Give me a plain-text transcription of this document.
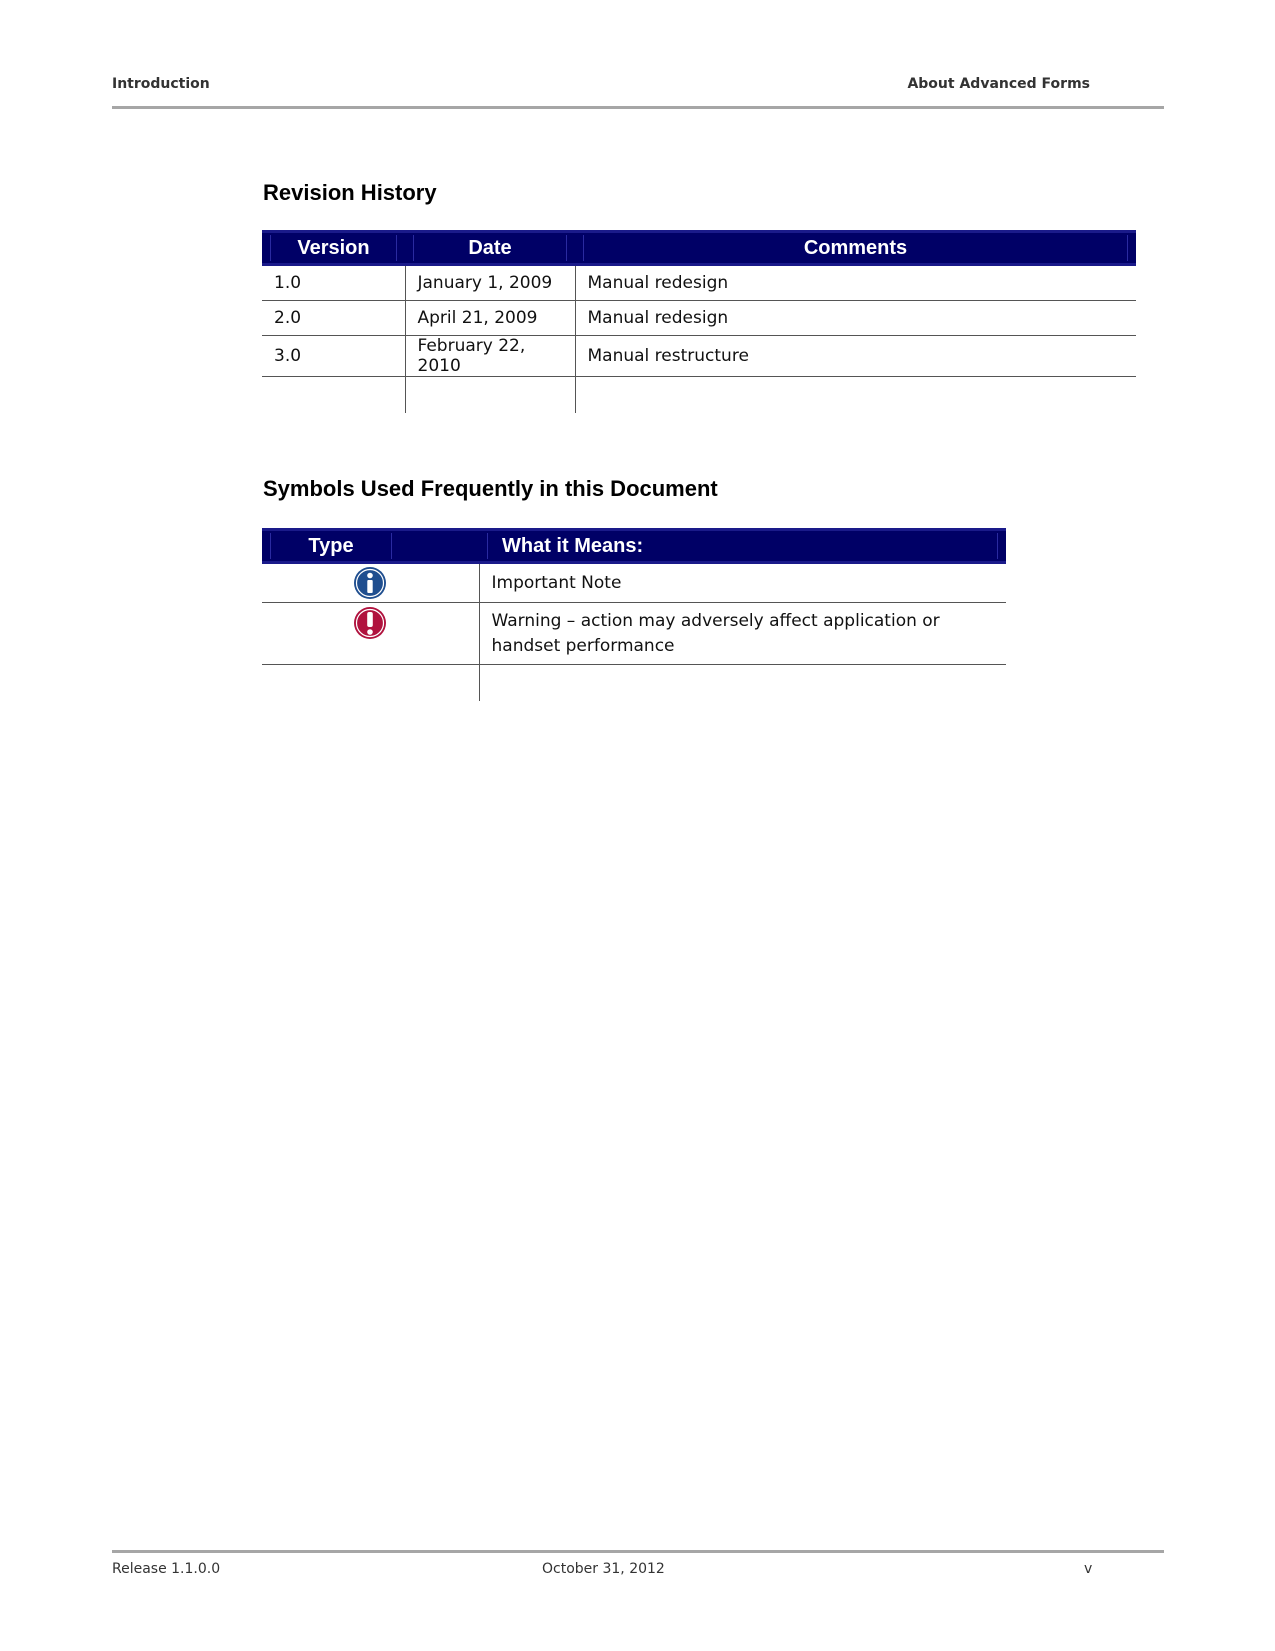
Introduction	About Advanced Forms
Revision History
Version	Date	Comments

1.0	January 1, 2009	Manual redesign
2.0	April 21, 2009	Manual redesign
3.0	February 22, 2010	Manual restructure

Symbols Used Frequently in this Document
Type	What it Means:

	Important Note

	Warning – action may adversely affect application or handset performance

Release 1.1.0.0	October 31, 2012	v
